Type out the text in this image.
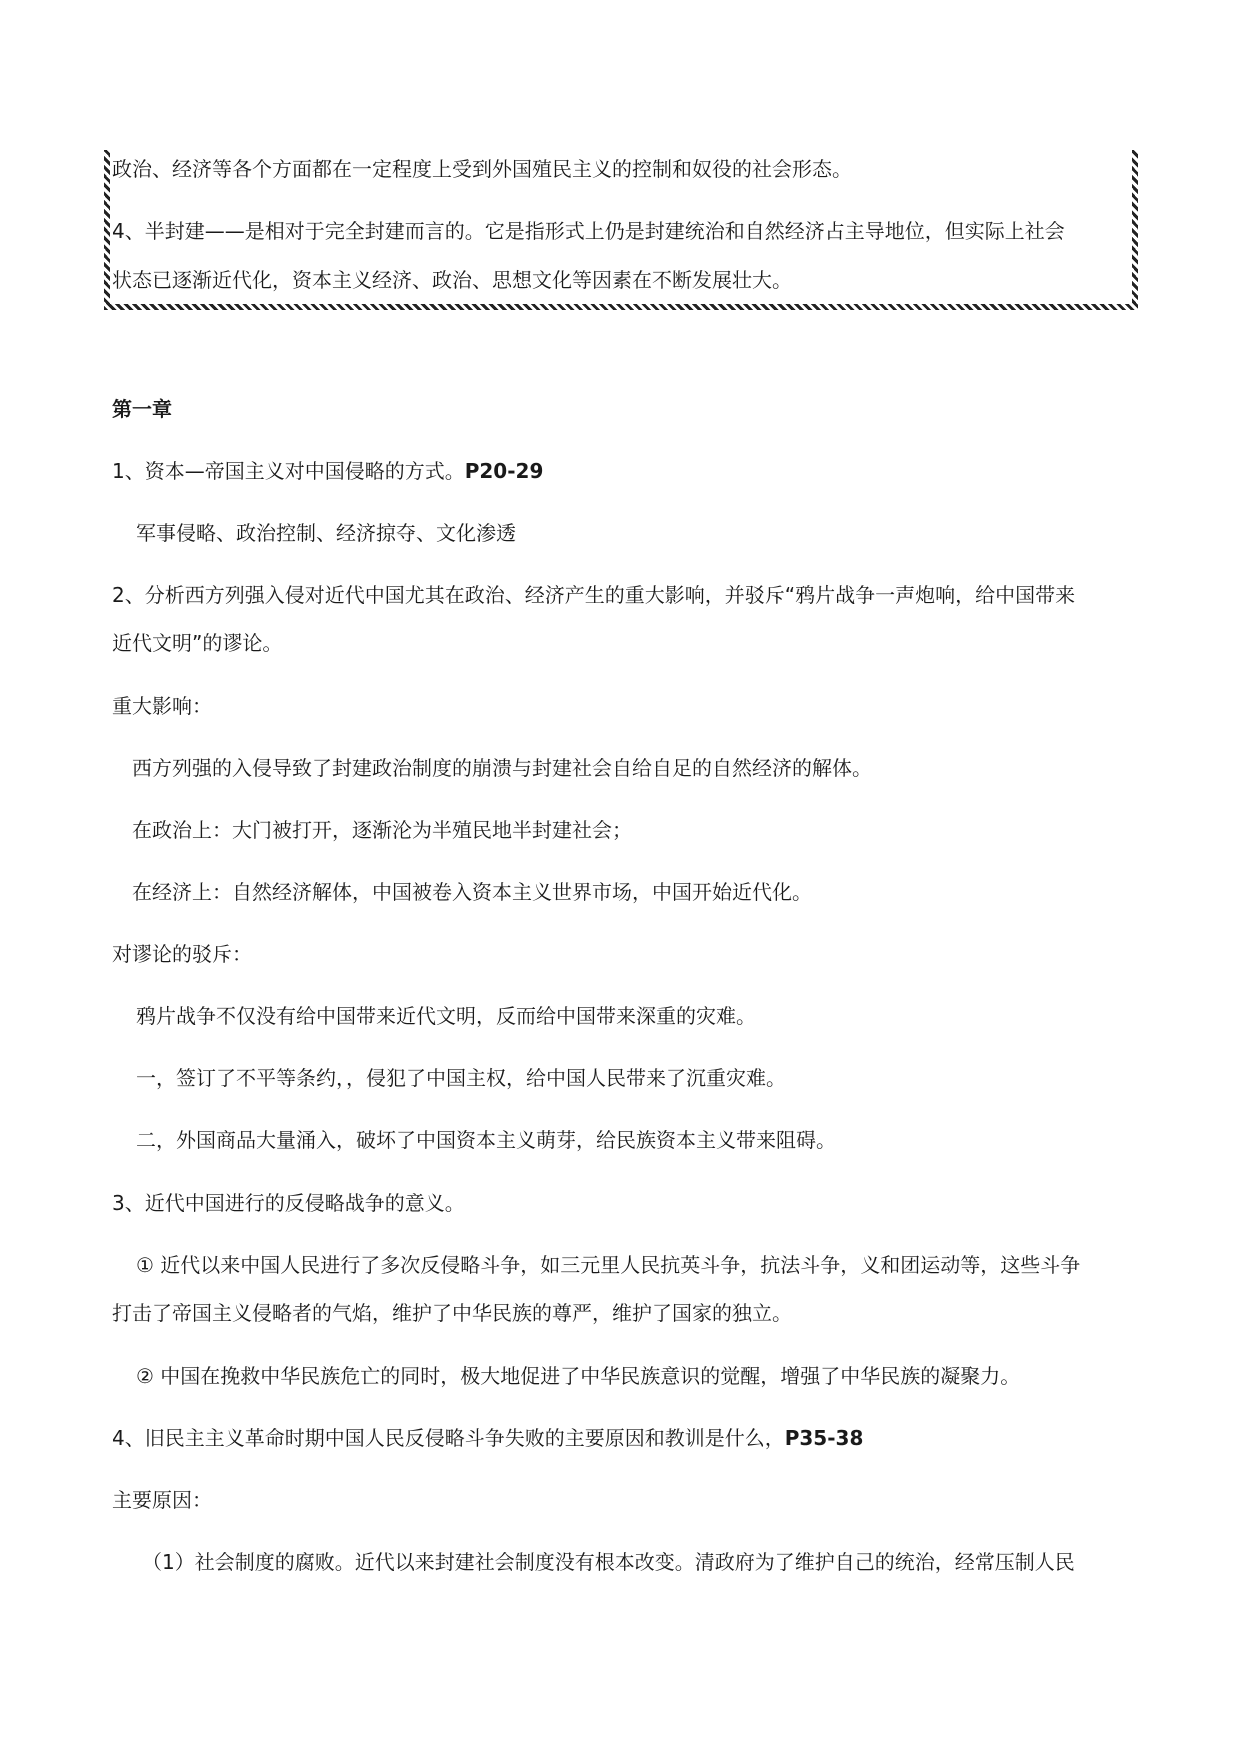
政治、经济等各个方面都在一定程度上受到外国殖民主义的控制和奴役的社会形态。
4、半封建——是相对于完全封建而言的。它是指形式上仍是封建统治和自然经济占主导地位，但实际上社会
状态已逐渐近代化，资本主义经济、政治、思想文化等因素在不断发展壮大。
第一章
1、资本—帝国主义对中国侵略的方式。P20-29
军事侵略、政治控制、经济掠夺、文化渗透
2、分析西方列强入侵对近代中国尤其在政治、经济产生的重大影响，并驳斥“鸦片战争一声炮响，给中国带来
近代文明”的谬论。
重大影响：
西方列强的入侵导致了封建政治制度的崩溃与封建社会自给自足的自然经济的解体。
在政治上：大门被打开，逐渐沦为半殖民地半封建社会；
在经济上：自然经济解体，中国被卷入资本主义世界市场，中国开始近代化。
对谬论的驳斥：
鸦片战争不仅没有给中国带来近代文明，反而给中国带来深重的灾难。
一，签订了不平等条约，，侵犯了中国主权，给中国人民带来了沉重灾难。
二，外国商品大量涌入，破坏了中国资本主义萌芽，给民族资本主义带来阻碍。
3、近代中国进行的反侵略战争的意义。
① 近代以来中国人民进行了多次反侵略斗争，如三元里人民抗英斗争，抗法斗争，义和团运动等，这些斗争
打击了帝国主义侵略者的气焰，维护了中华民族的尊严，维护了国家的独立。
② 中国在挽救中华民族危亡的同时，极大地促进了中华民族意识的觉醒，增强了中华民族的凝聚力。
4、旧民主主义革命时期中国人民反侵略斗争失败的主要原因和教训是什么，P35-38
主要原因：
（1）社会制度的腐败。近代以来封建社会制度没有根本改变。清政府为了维护自己的统治，经常压制人民
